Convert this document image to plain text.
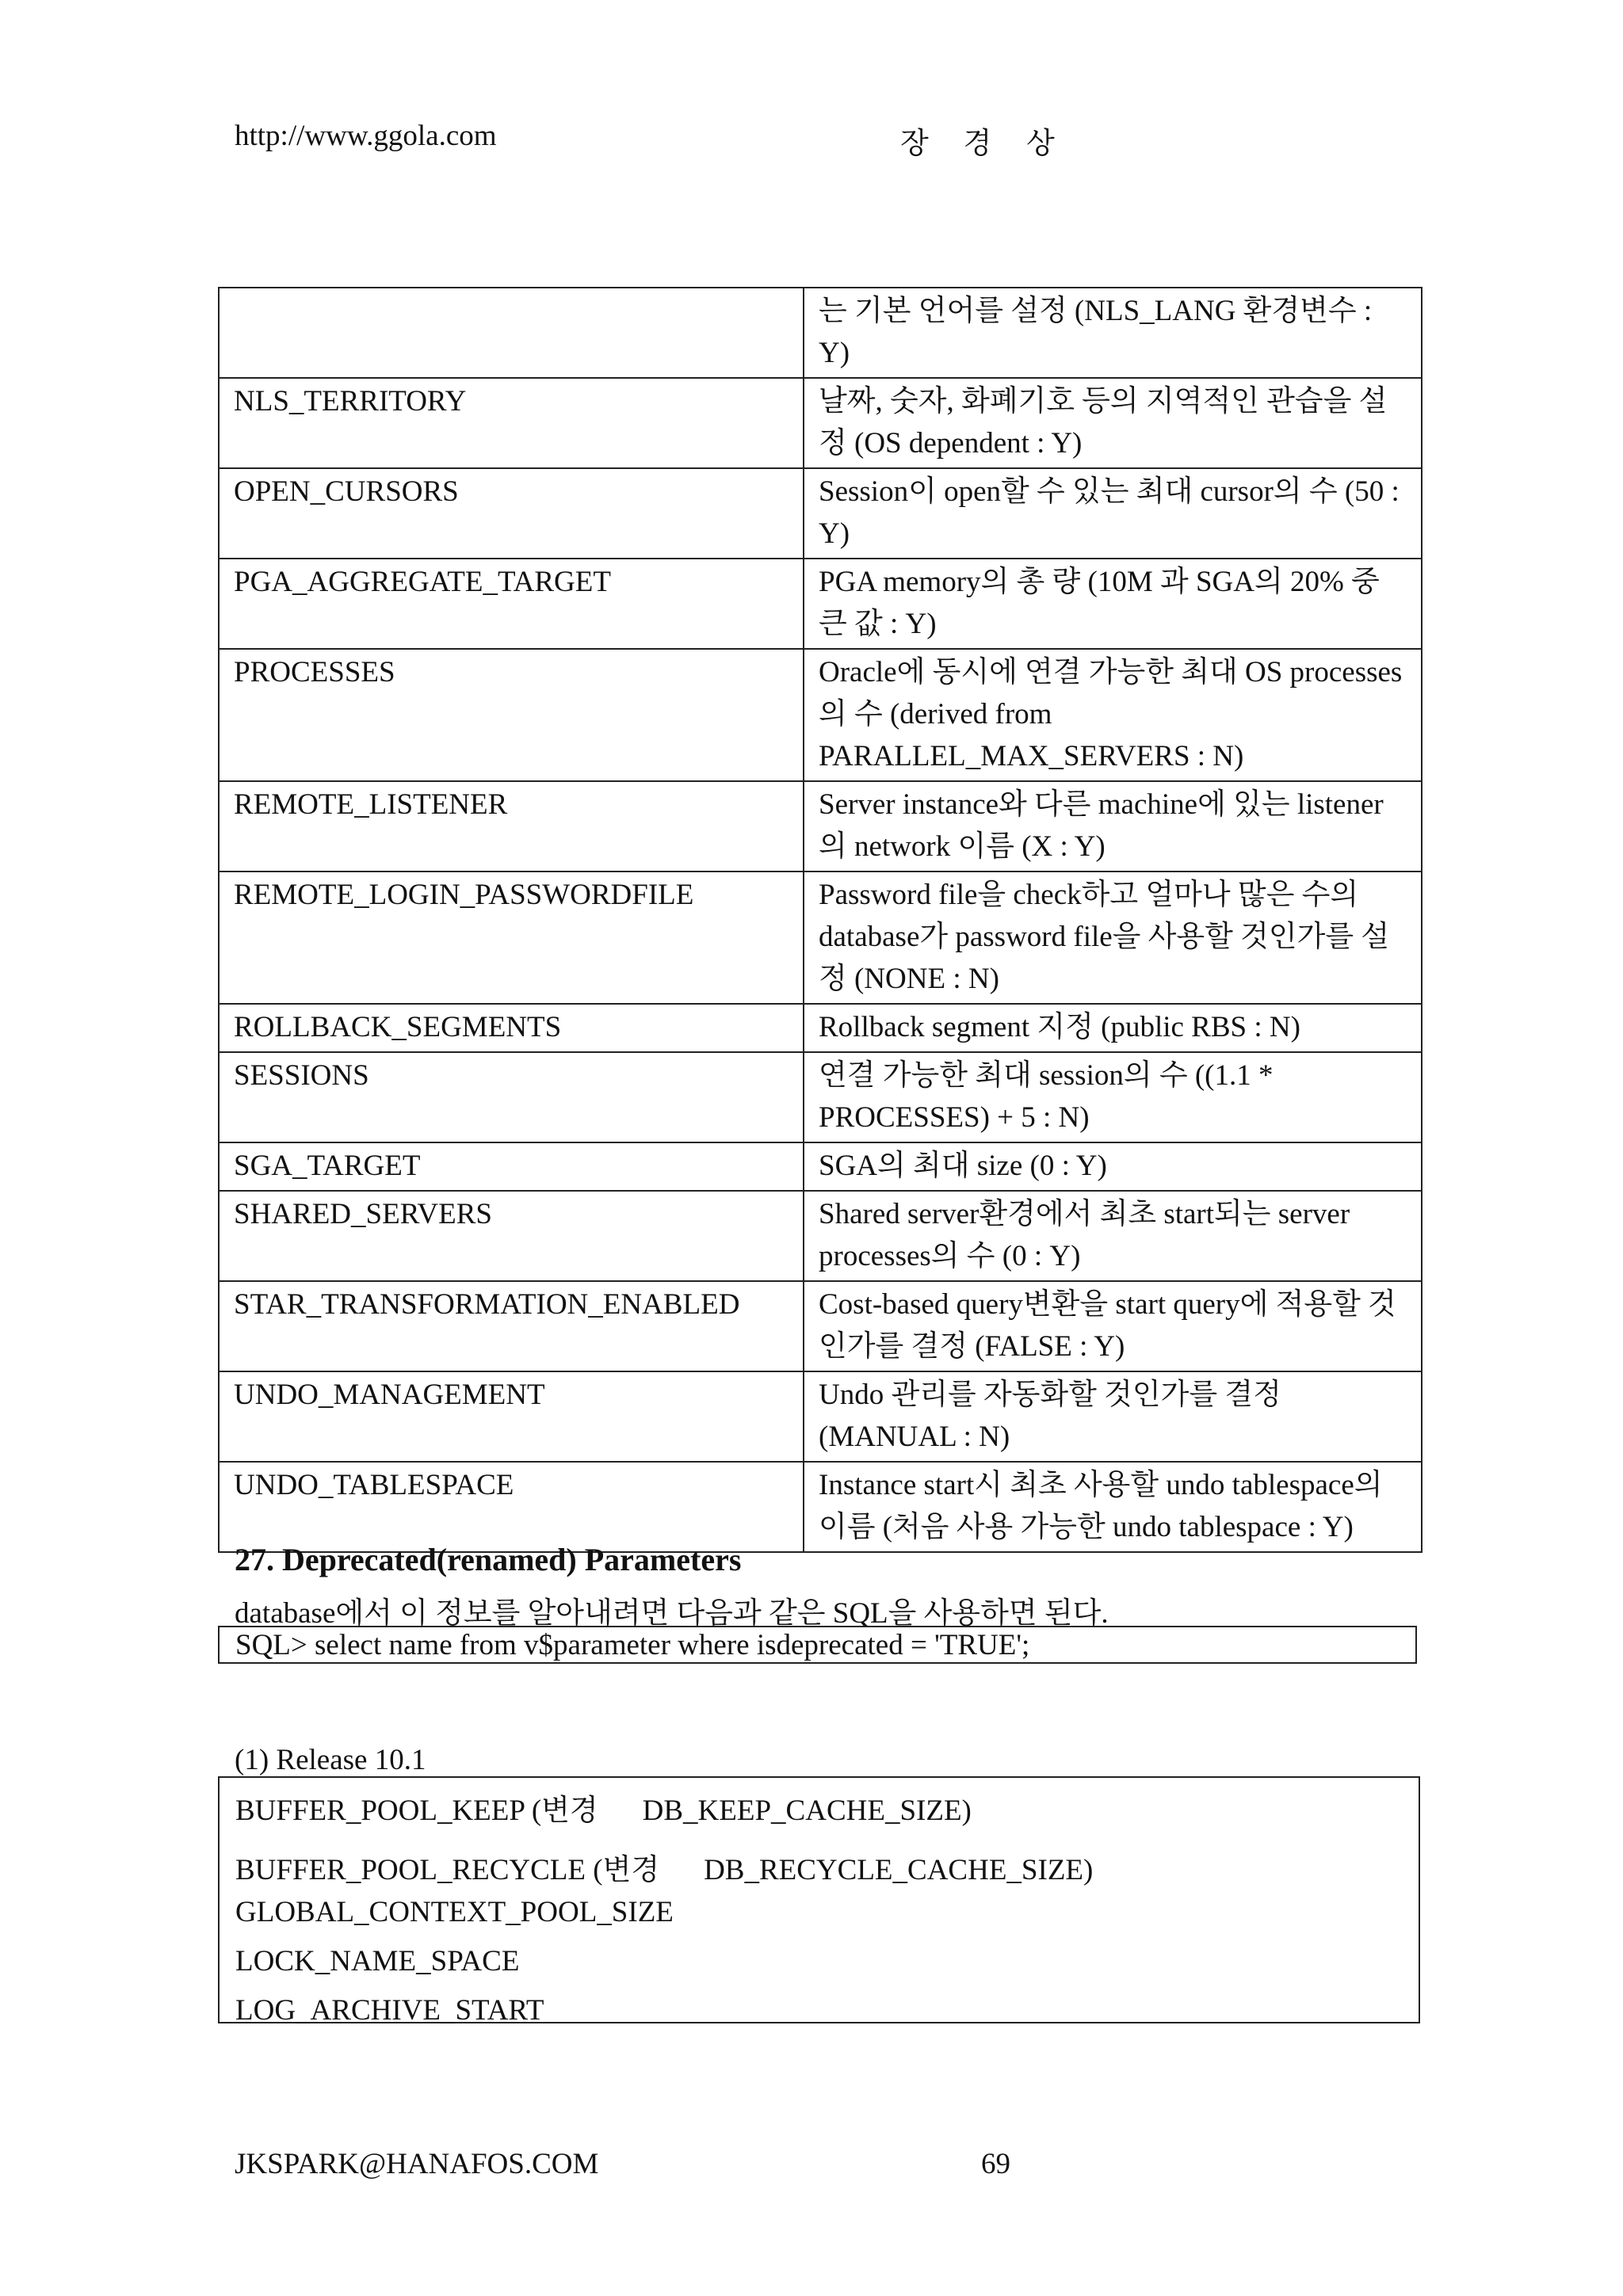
http://www.ggola.com	장 경 상
	는 기본 언어를 설정 (NLS_LANG 환경변수 : Y)
NLS_TERRITORY	날짜, 숫자, 화폐기호 등의 지역적인 관습을 설정 (OS dependent : Y)
OPEN_CURSORS	Session이 open할 수 있는 최대 cursor의 수 (50 : Y)
PGA_AGGREGATE_TARGET	PGA memory의 총 량 (10M 과 SGA의 20% 중 큰 값 : Y)
PROCESSES	Oracle에 동시에 연결 가능한 최대 OS processes의 수 (derived from PARALLEL_MAX_SERVERS : N)
REMOTE_LISTENER	Server instance와 다른 machine에 있는 listener의 network 이름 (X : Y)
REMOTE_LOGIN_PASSWORDFILE	Password file을 check하고 얼마나 많은 수의 database가 password file을 사용할 것인가를 설정 (NONE : N)
ROLLBACK_SEGMENTS	Rollback segment 지정 (public RBS : N)
SESSIONS	연결 가능한 최대 session의 수 ((1.1 * PROCESSES) + 5 : N)
SGA_TARGET	SGA의 최대 size (0 : Y)
SHARED_SERVERS	Shared server환경에서 최초 start되는 server processes의 수 (0 : Y)
STAR_TRANSFORMATION_ENABLED	Cost-based query변환을 start query에 적용할 것인가를 결정 (FALSE : Y)
UNDO_MANAGEMENT	Undo 관리를 자동화할 것인가를 결정 (MANUAL : N)
UNDO_TABLESPACE	Instance start시 최초 사용할 undo tablespace의 이름 (처음 사용 가능한 undo tablespace : Y)
27. Deprecated(renamed) Parameters
database에서 이 정보를 알아내려면 다음과 같은 SQL을 사용하면 된다.
SQL> select name from v$parameter where isdeprecated = 'TRUE';
(1) Release 10.1
BUFFER_POOL_KEEP (변경 DB_KEEP_CACHE_SIZE)
BUFFER_POOL_RECYCLE (변경 DB_RECYCLE_CACHE_SIZE)
GLOBAL_CONTEXT_POOL_SIZE
LOCK_NAME_SPACE
LOG_ARCHIVE_START
JKSPARK@HANAFOS.COM	69
